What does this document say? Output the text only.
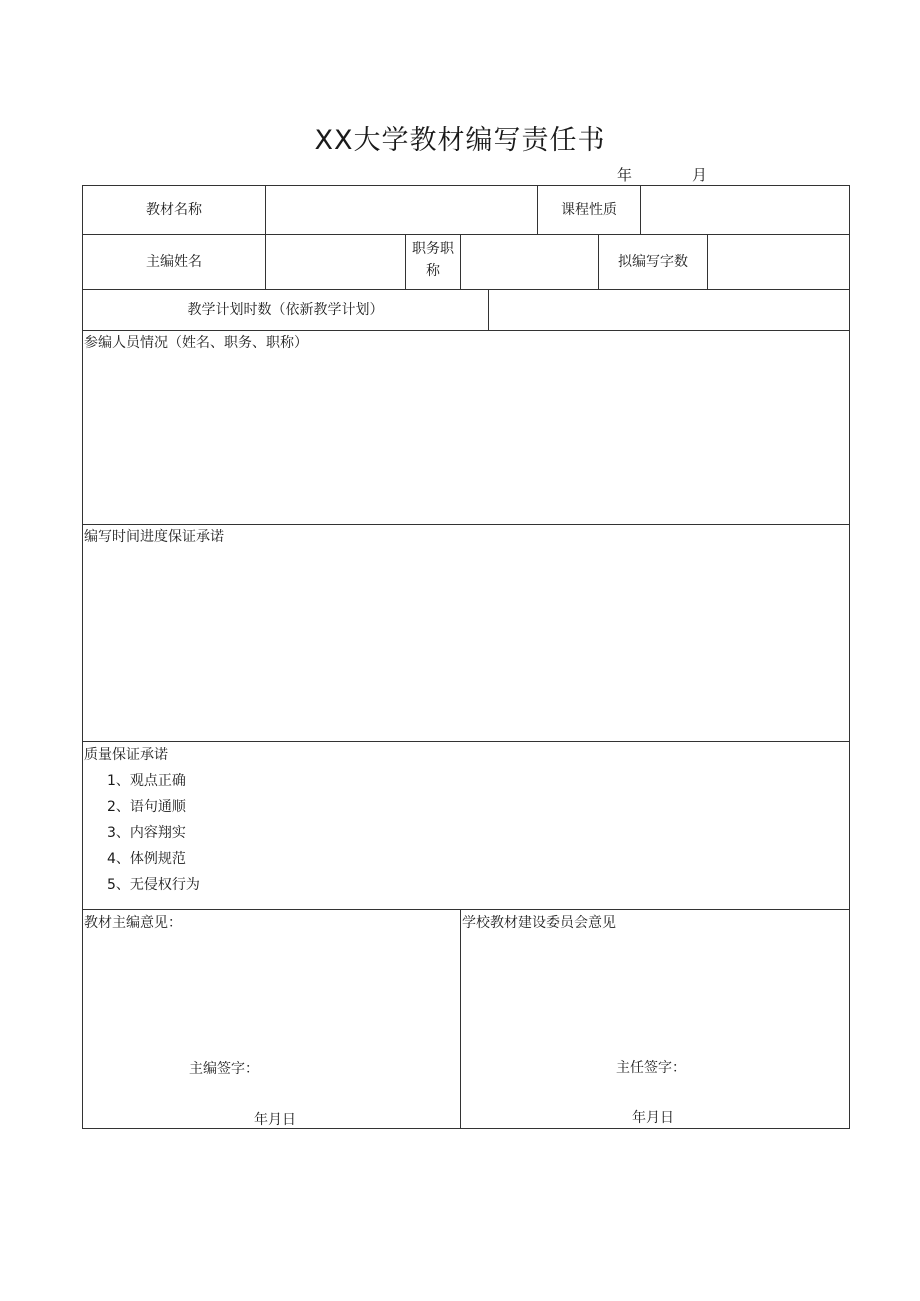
XX大学教材编写责任书
年	月
教材名称	课程性质
主编姓名
职务职
称
拟编写字数
教学计划时数（依新教学计划）
参编人员情况（姓名、职务、职称）
编写时间进度保证承诺
质量保证承诺
1、观点正确
2、语句通顺
3、内容翔实
4、体例规范
5、无侵权行为
教材主编意见：
主编签字：
年月日
学校教材建设委员会意见
主任签字：
年月日
